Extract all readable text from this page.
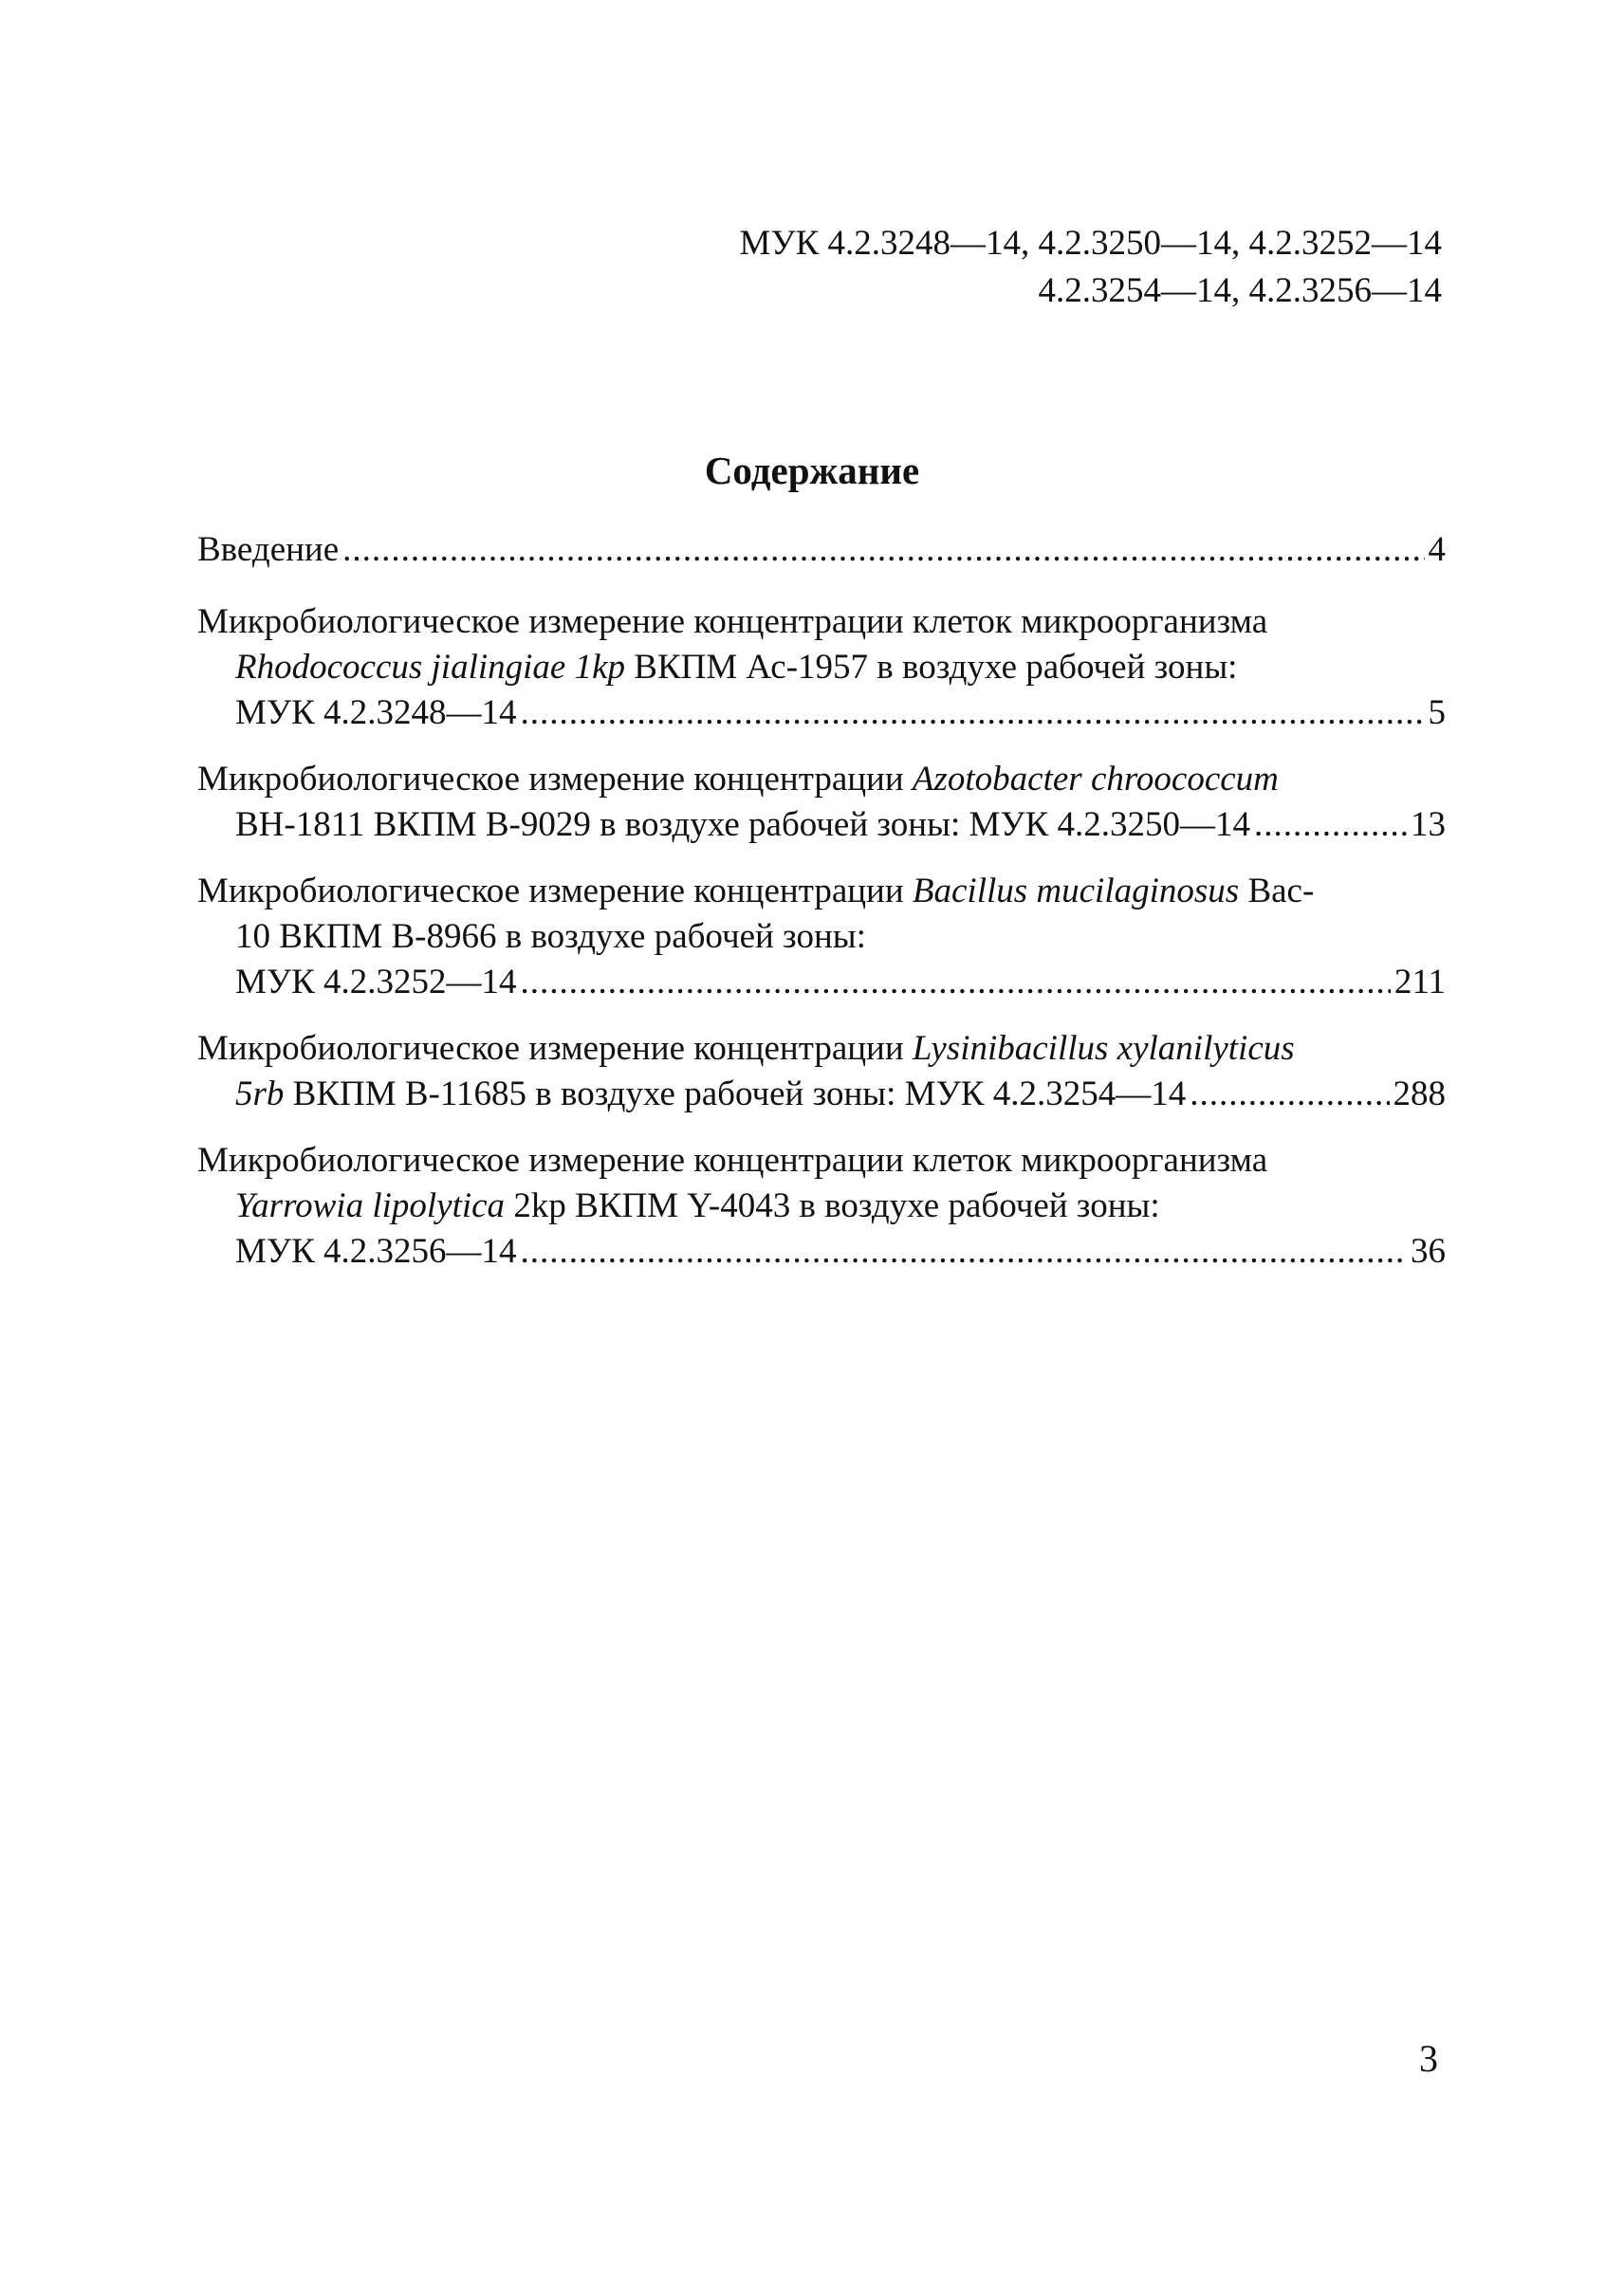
МУК 4.2.3248—14, 4.2.3250—14, 4.2.3252—14
4.2.3254—14, 4.2.3256—14
Содержание
Введение .....	4
Микробиологическое измерение концентрации клеток микроорганизма
Rhodococcus jialingiae 1kp ВКПМ Ас-1957 в воздухе рабочей зоны:
МУК 4.2.3248—14 .....	5
Микробиологическое измерение концентрации Azotobacter chroococcum
ВН-1811 ВКПМ В-9029 в воздухе рабочей зоны: МУК 4.2.3250—14 .....	13
Микробиологическое измерение концентрации Bacillus mucilaginosus Bac-
10 ВКПМ В-8966 в воздухе рабочей зоны:
МУК 4.2.3252—14 .....	211
Микробиологическое измерение концентрации Lysinibacillus xylanilyticus
5rb ВКПМ В-11685 в воздухе рабочей зоны: МУК 4.2.3254—14 .....	288
Микробиологическое измерение концентрации клеток микроорганизма
Yarrowia lipolytica 2kp ВКПМ Y-4043 в воздухе рабочей зоны:
МУК 4.2.3256—14 .....	36
3
